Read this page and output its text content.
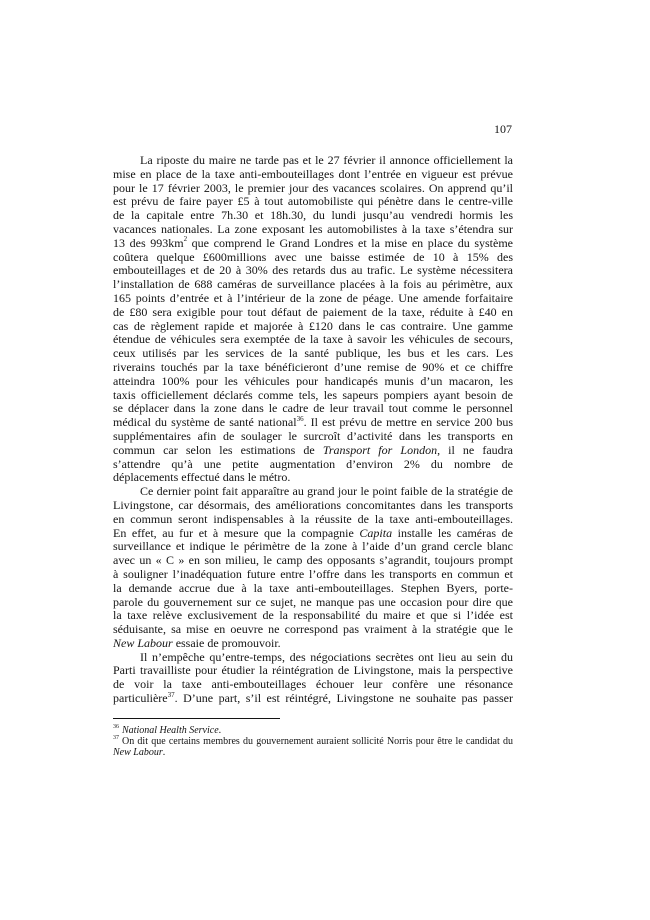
107
La riposte du maire ne tarde pas et le 27 février il annonce officiellement la
mise en place de la taxe anti-embouteillages dont l’entrée en vigueur est prévue
pour le 17 février 2003, le premier jour des vacances scolaires. On apprend qu’il
est prévu de faire payer £5 à tout automobiliste qui pénètre dans le centre-ville
de la capitale entre 7h.30 et 18h.30, du lundi jusqu’au vendredi hormis les
vacances nationales. La zone exposant les automobilistes à la taxe s’étendra sur
13 des $993km^2$ que comprend le Grand Londres et la mise en place du système
coûtera quelque £600millions avec une baisse estimée de 10 à 15% des
embouteillages et de 20 à 30% des retards dus au trafic. Le système nécessitera
l’installation de 688 caméras de surveillance placées à la fois au périmètre, aux
165 points d’entrée et à l’intérieur de la zone de péage. Une amende forfaitaire
de £80 sera exigible pour tout défaut de paiement de la taxe, réduite à £40 en
cas de règlement rapide et majorée à £120 dans le cas contraire. Une gamme
étendue de véhicules sera exemptée de la taxe à savoir les véhicules de secours,
ceux utilisés par les services de la santé publique, les bus et les cars. Les
riverains touchés par la taxe bénéficieront d’une remise de 90% et ce chiffre
atteindra 100% pour les véhicules pour handicapés munis d’un macaron, les
taxis officiellement déclarés comme tels, les sapeurs pompiers ayant besoin de
se déplacer dans la zone dans le cadre de leur travail tout comme le personnel
médical du système de santé national$^{36}$. Il est prévu de mettre en service 200 bus
supplémentaires afin de soulager le surcroît d’activité dans les transports en
commun car selon les estimations de Transport for London, il ne faudra
s’attendre qu’à une petite augmentation d’environ 2% du nombre de
déplacements effectué dans le métro.
Ce dernier point fait apparaître au grand jour le point faible de la stratégie de
Livingstone, car désormais, des améliorations concomitantes dans les transports
en commun seront indispensables à la réussite de la taxe anti-embouteillages.
En effet, au fur et à mesure que la compagnie Capita installe les caméras de
surveillance et indique le périmètre de la zone à l’aide d’un grand cercle blanc
avec un « C » en son milieu, le camp des opposants s’agrandit, toujours prompt
à souligner l’inadéquation future entre l’offre dans les transports en commun et
la demande accrue due à la taxe anti-embouteillages. Stephen Byers, porte-
parole du gouvernement sur ce sujet, ne manque pas une occasion pour dire que
la taxe relève exclusivement de la responsabilité du maire et que si l’idée est
séduisante, sa mise en oeuvre ne correspond pas vraiment à la stratégie que le
New Labour essaie de promouvoir.
Il n’empêche qu’entre-temps, des négociations secrètes ont lieu au sein du
Parti travailliste pour étudier la réintégration de Livingstone, mais la perspective
de voir la taxe anti-embouteillages échouer leur confère une résonance
particulière$^{37}$. D’une part, s’il est réintégré, Livingstone ne souhaite pas passer
$^{36}$ National Health Service.
$^{37}$ On dit que certains membres du gouvernement auraient sollicité Norris pour être le candidat du
New Labour.
